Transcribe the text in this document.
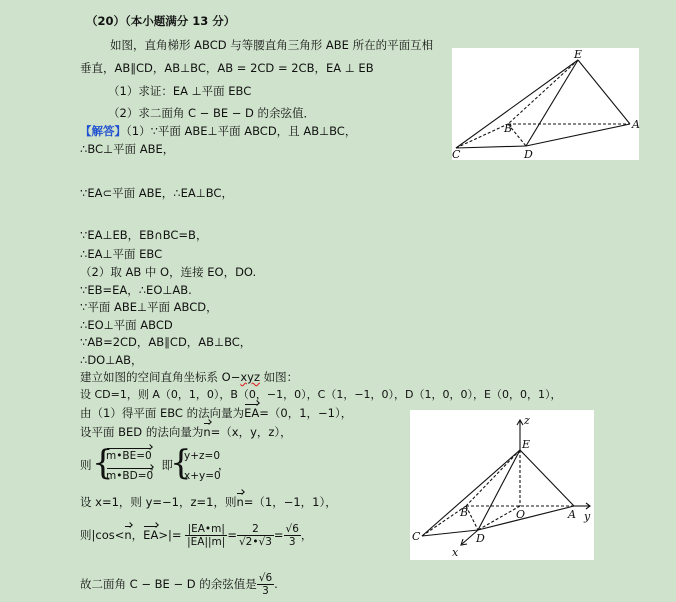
（20）（本小题满分 13 分）
如图，直角梯形 ABCD 与等腰直角三角形 ABE 所在的平面互相
垂直，AB∥CD，AB⊥BC，AB = 2CD = 2CB，EA ⊥ EB
（1）求证：EA ⊥平面 EBC
（2）求二面角 C − BE − D 的余弦值．
【解答】（1）∵平面 ABE⊥平面 ABCD，且 AB⊥BC，
∴BC⊥平面 ABE，
∵EA⊂平面 ABE，∴EA⊥BC，
∵EA⊥EB，EB∩BC=B，
∴EA⊥平面 EBC
（2）取 AB 中 O，连接 EO，DO.
∵EB=EA，∴EO⊥AB.
∵平面 ABE⊥平面 ABCD，
∴EO⊥平面 ABCD
∵AB=2CD，AB∥CD，AB⊥BC，
∴DO⊥AB，
建立如图的空间直角坐标系 O−xyz 如图：
设 CD=1，则 A（0，1，0），B（0，−1，0），C（1，−1，0），D（1，0，0），E（0，0，1），
由（1）得平面 EBC 的法向量为EA=（0，1，−1），
设平面 BED 的法向量为n=（x，y，z），
则 {
m•BE=0
m•BD=0
，即
{
y+z=0
x+y=0
，
设 x=1，则 y=−1，z=1，则n=（1，−1，1），
则|cos<n，$EA>|= \frac{|EA•m|}{|EA||m|} = \frac{2}{√2•√3} = \frac{√6}{3}$ ，
故二面角 C − BE − D 的余弦值是 $\frac{√6}{3}$ .
E
B	A
C	D
z
E
B	O	A y
C	D
x
